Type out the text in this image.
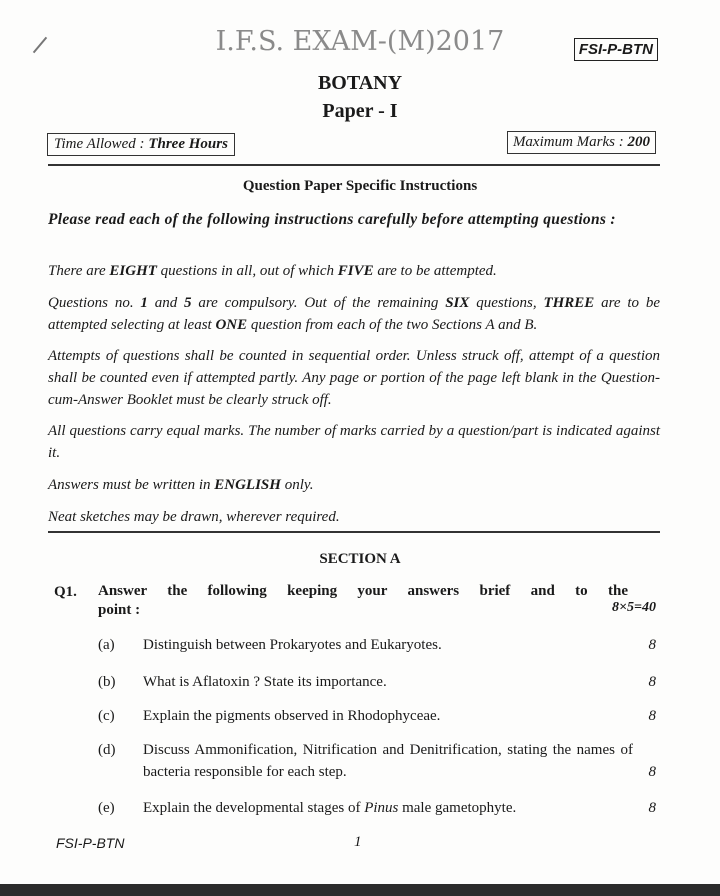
I.F.S. EXAM-(M)2017	FSI-P-BTN
BOTANY
Paper - I
Time Allowed : Three Hours	Maximum Marks : 200
Question Paper Specific Instructions
Please read each of the following instructions carefully before attempting questions :
There are EIGHT questions in all, out of which FIVE are to be attempted.
Questions no. 1 and 5 are compulsory. Out of the remaining SIX questions, THREE are to be attempted selecting at least ONE question from each of the two Sections A and B.
Attempts of questions shall be counted in sequential order. Unless struck off, attempt of a question shall be counted even if attempted partly. Any page or portion of the page left blank in the Question-cum-Answer Booklet must be clearly struck off.
All questions carry equal marks. The number of marks carried by a question/part is indicated against it.
Answers must be written in ENGLISH only.
Neat sketches may be drawn, wherever required.
SECTION A
Q1. Answer the following keeping your answers brief and to the
point :	8×5=40
(a) Distinguish between Prokaryotes and Eukaryotes.	8
(b) What is Aflatoxin ? State its importance.	8
(c) Explain the pigments observed in Rhodophyceae.	8
(d) Discuss Ammonification, Nitrification and Denitrification, stating the names of bacteria responsible for each step.	8
(e) Explain the developmental stages of Pinus male gametophyte.	8
FSI-P-BTN	1
